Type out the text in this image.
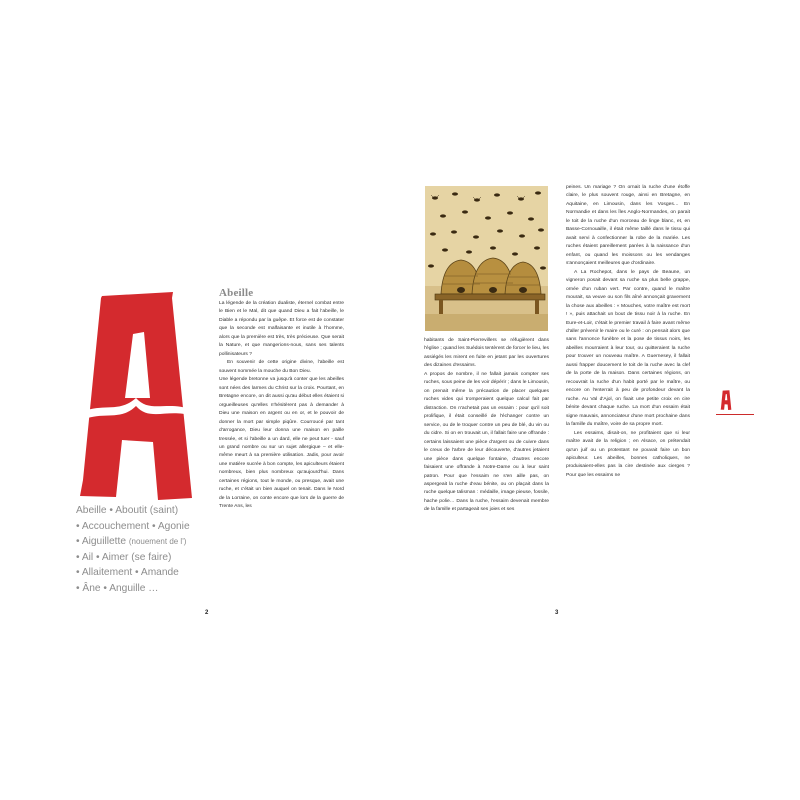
Abeille • Aboutit (saint)
• Accouchement • Agonie
• Aiguillette (nouement de l')
• Ail • Aimer (se faire)
• Allaitement • Amande
• Âne • Anguille …
Abeille

La légende de la création dualiste, éternel combat entre le Bien et le Mal, dit que quand Dieu a fait l'abeille, le Diable a répondu par la guêpe. Et force est de constater que la seconde est malfaisante et inutile à l'homme, alors que la première est très, très précieuse. Que serait la Nature, et que mangerions-nous, sans ses talents pollinisateurs ?

En souvenir de cette origine divine, l'abeille est souvent nommée la mouche du Bon Dieu.

Une légende bretonne va jusqu'à conter que les abeilles sont nées des larmes du Christ sur la croix. Pourtant, en Bretagne encore, on dit aussi qu'au début elles étaient si orgueilleuses qu'elles n'hésitèrent pas à demander à Dieu une maison en argent ou en or, et le pouvoir de donner la mort par simple piqûre. Courroucé par tant d'arrogance, Dieu leur donna une maison en paille tressée, et si l'abeille a un dard, elle ne peut tuer - sauf un grand nombre ou sur un sujet allergique – et elle-même meurt à sa première utilisation. Jadis, pour avoir une matière sucrée à bon compte, les apiculteurs étaient nombreux, bien plus nombreux qu'aujourd'hui. Dans certaines régions, tout le monde, ou presque, avait une ruche, et c'était un bien auquel on tenait. Dans le Nord de la Lorraine, on conte encore que lors de la guerre de Trente Ans, les

2

habitants de Saint-Pierrevillers se réfugièrent dans l'église ; quand les Suédois tentèrent de forcer le lieu, les assiégés les mirent en fuite en jetant par les ouvertures des dizaines d'essaims.

A propos de nombre, il ne fallait jamais compter ses ruches, sous peine de les voir dépérir ; dans le Limousin, on prenait même la précaution de placer quelques ruches vides qui tromperaient quelque calcul fait par distraction. On n'achetait pas un essaim : pour qu'il soit prolifique, il était conseillé de l'échanger contre un service, ou de le troquer contre un peu de blé, du vin ou du cidre. Si on en trouvait un, il fallait faire une offrande : certains laissaient une pièce d'argent ou de cuivre dans le creux de l'arbre de leur découverte, d'autres jetaient une pièce dans quelque fontaine, d'autres encore faisaient une offrande à Notre-Dame ou à leur saint patron. Pour que l'essaim ne s'en aille pas, on aspergeait la ruche d'eau bénite, ou on plaçait dans la ruche quelque talisman : médaille, image pieuse, fossile, hache polie… Dans la ruche, l'essaim devenait membre de la famille et partageait ses joies et ses

peines. Un mariage ? On ornait la ruche d'une étoffe claire, le plus souvent rouge, ainsi en Bretagne, en Aquitaine, en Limousin, dans les Vosges… En Normandie et dans les îles Anglo-Normandes, on parait le toit de la ruche d'un morceau de linge blanc, et, en Basse-Cornouaille, il était même taillé dans le tissu qui avait servi à confectionner la robe de la mariée. Les ruches étaient pareillement parées à la naissance d'un enfant, ou quand les moissons ou les vendanges s'annonçaient meilleures que d'ordinaire.

A La Rochepot, dans le pays de Beaune, un vigneron posait devant sa ruche sa plus belle grappe, ornée d'un ruban vert. Par contre, quand le maître mourait, sa veuve ou son fils aîné annonçait gravement la chose aux abeilles : « Mouches, votre maître est mort ! », puis attachait un bout de tissu noir à la ruche. En Eure-et-Loir, c'était le premier travail à faire avant même d'aller prévenir le maire ou le curé : on pensait alors que sans l'annonce funèbre et la pose de tissus noirs, les abeilles mourraient à leur tour, ou quitteraient la ruche pour trouver un nouveau maître. A Guernesey, il fallait aussi frapper doucement le toit de la ruche avec la clef de la porte de la maison. Dans certaines régions, on recouvrait la ruche d'un habit porté par le maître, ou encore on l'enterrait à peu de profondeur devant la ruche. Au Val d'Ajol, on fixait une petite croix en cire bénite devant chaque ruche. La mort d'un essaim était signe mauvais, annonciateur d'une mort prochaine dans la famille du maître, voire de sa propre mort.

Les essaims, disait-on, ne profitaient que si leur maître avait de la religion ; en Alsace, on prétendait qu'un juif ou un protestant ne pouvait faire un bon apiculteur. Les abeilles, bonnes catholiques, ne produisaient-elles pas la cire destinée aux cierges ? Pour que les essaims ne

3
